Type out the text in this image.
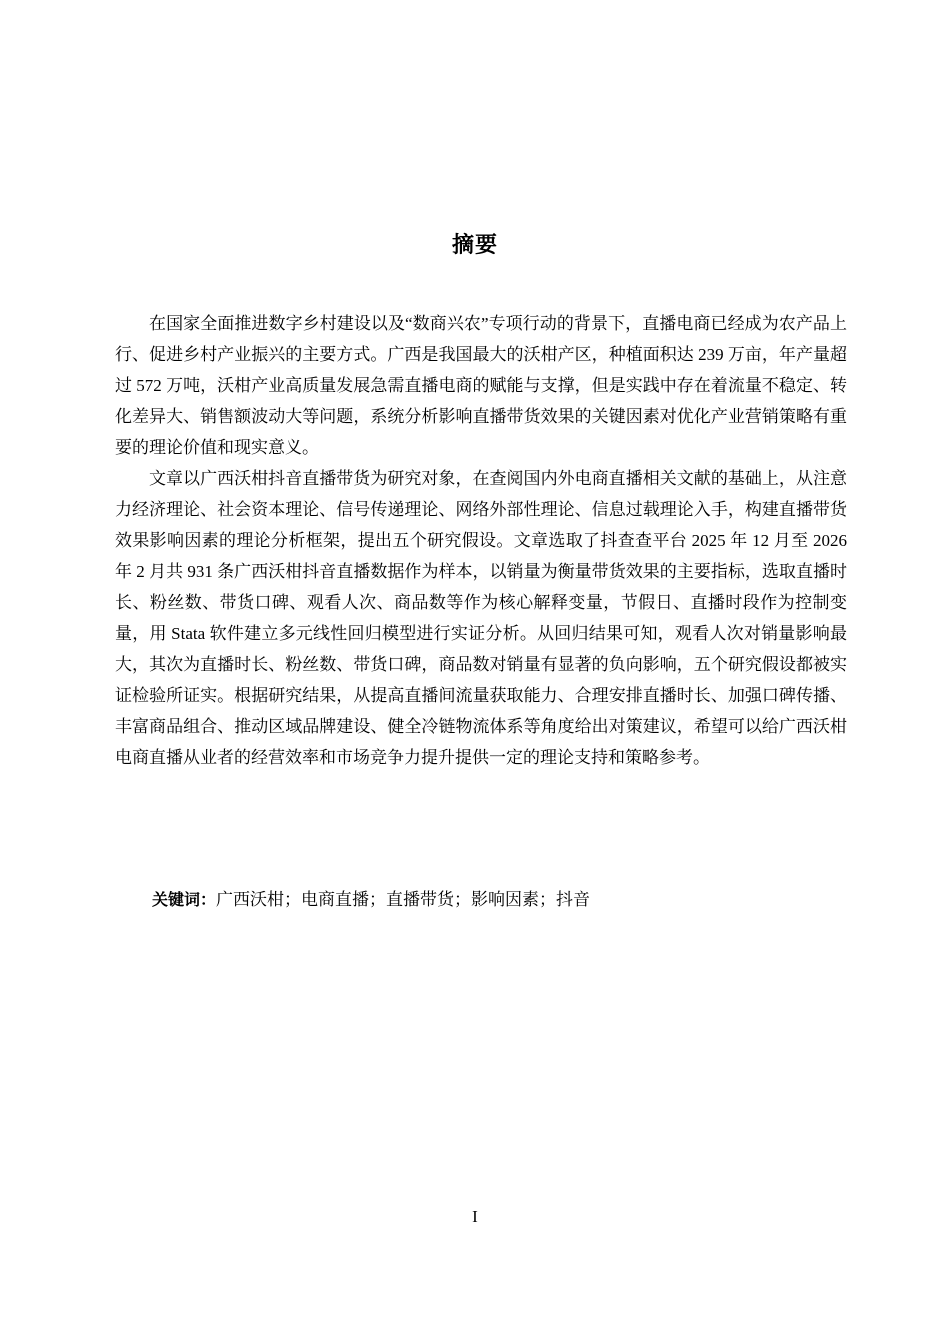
摘要

在国家全面推进数字乡村建设以及“数商兴农”专项行动的背景下，直播电商已经成为农产品上行、促进乡村产业振兴的主要方式。广西是我国最大的沃柑产区，种植面积达 239 万亩，年产量超过 572 万吨，沃柑产业高质量发展急需直播电商的赋能与支撑，但是实践中存在着流量不稳定、转化差异大、销售额波动大等问题，系统分析影响直播带货效果的关键因素对优化产业营销策略有重要的理论价值和现实意义。

文章以广西沃柑抖音直播带货为研究对象，在查阅国内外电商直播相关文献的基础上，从注意力经济理论、社会资本理论、信号传递理论、网络外部性理论、信息过载理论入手，构建直播带货效果影响因素的理论分析框架，提出五个研究假设。文章选取了抖查查平台 2025 年 12 月至 2026 年 2 月共 931 条广西沃柑抖音直播数据作为样本，以销量为衡量带货效果的主要指标，选取直播时长、粉丝数、带货口碑、观看人次、商品数等作为核心解释变量，节假日、直播时段作为控制变量，用 Stata 软件建立多元线性回归模型进行实证分析。从回归结果可知，观看人次对销量影响最大，其次为直播时长、粉丝数、带货口碑，商品数对销量有显著的负向影响，五个研究假设都被实证检验所证实。根据研究结果，从提高直播间流量获取能力、合理安排直播时长、加强口碑传播、丰富商品组合、推动区域品牌建设、健全冷链物流体系等角度给出对策建议，希望可以给广西沃柑电商直播从业者的经营效率和市场竞争力提升提供一定的理论支持和策略参考。

关键词：广西沃柑；电商直播；直播带货；影响因素；抖音
I
